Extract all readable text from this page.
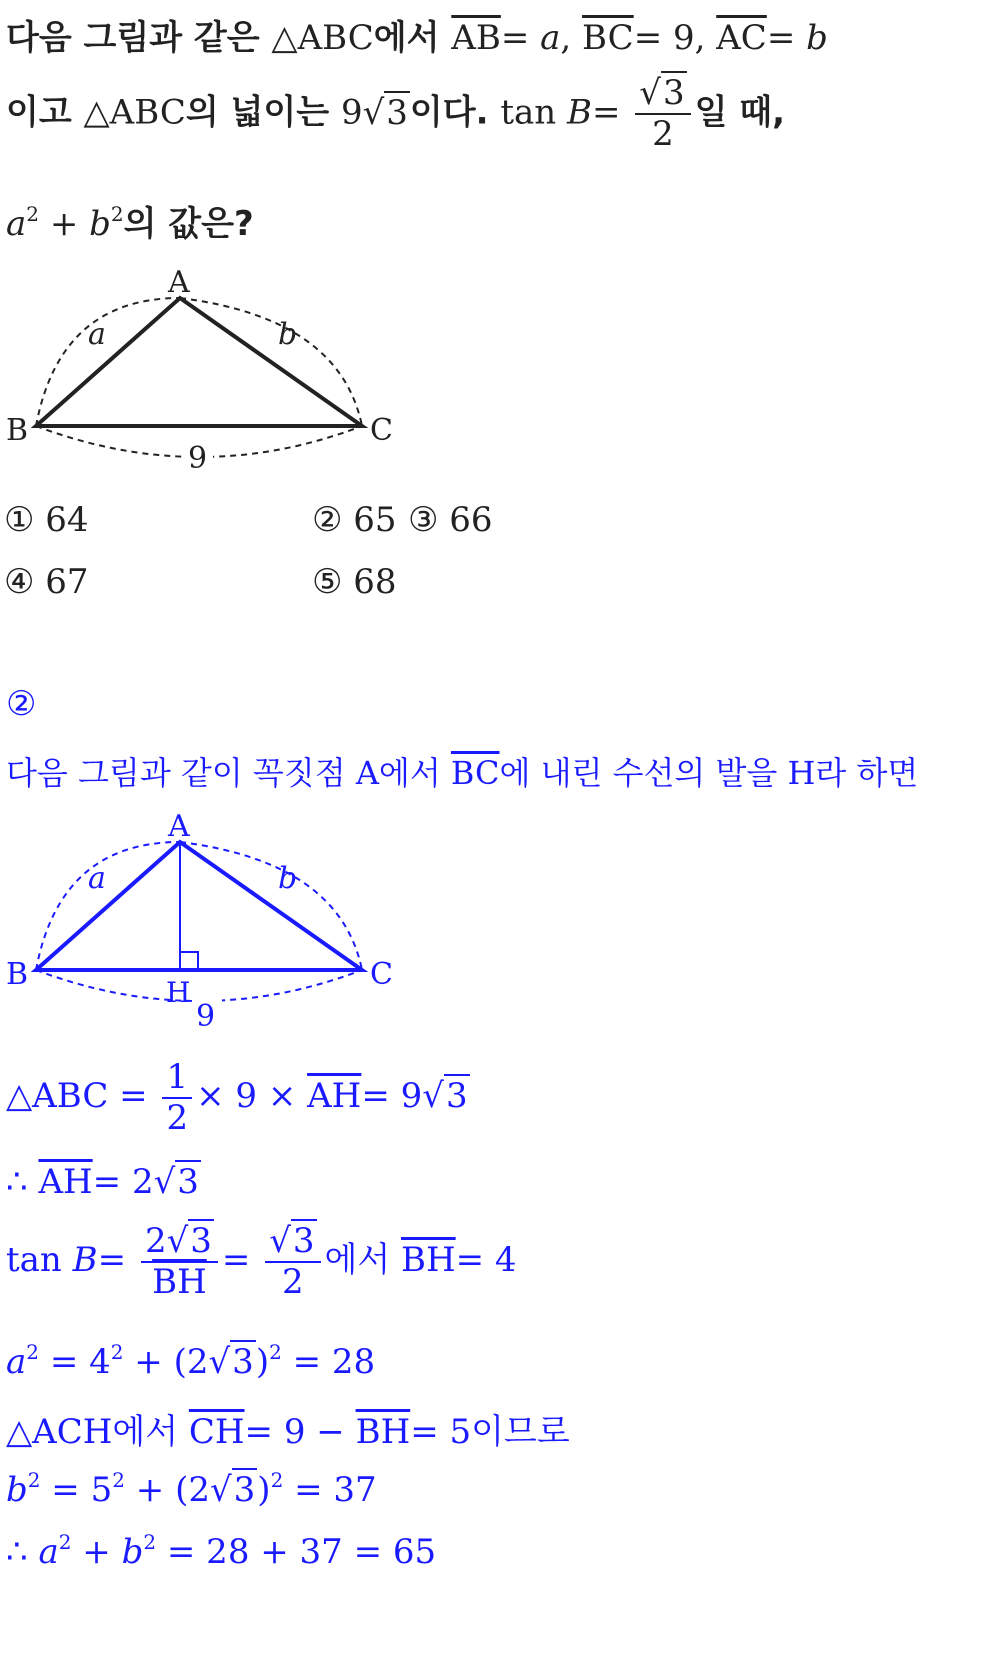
다음 그림과 같은 △ABC에서 $\overline{AB}= a$, $\overline{BC}= 9$, $\overline{AC}= b$
이고 △ABC의 넓이는 9√3이다. $\tan B= \frac{√3}{2}$ 일 때,
$a^2 + b^2$의 값은?
A
B	C
a	b
9
① 64	② 65 ③ 66
④ 67	⑤ 68
②
다음 그림과 같이 꼭짓점 A에서 $\overline{BC}$에 내린 수선의 발을 H라 하면
A
B	C
H
a	b
9
△ABC = $\frac{1}{2} \times 9 \times \overline{AH}= 9√3$
∴ $\overline{AH}= 2√3$
$\tan B= \frac{2√3}{BH} = \frac{√3}{2}$ 에서 $\overline{BH}= 4$
$a^2 = 4^2 + (2√3)^2 = 28$
△ACH에서 $\overline{CH}= 9 - \overline{BH}= 5$이므로
$b^2 = 5^2 + (2√3)^2 = 37$
∴ $a^2 + b^2 = 28 + 37 = 65$
